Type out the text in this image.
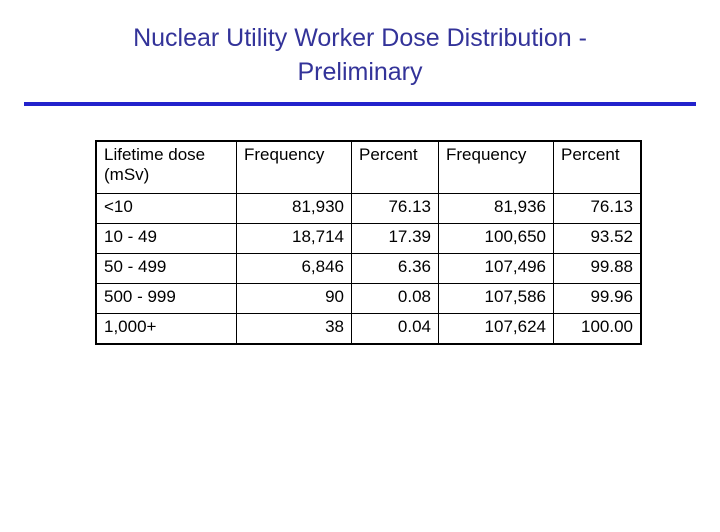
Nuclear Utility Worker Dose Distribution -
Preliminary
Lifetime dose
(mSv)	Frequency	Percent	Frequency	Percent
<10	81,930	76.13	81,936	76.13
10 - 49	18,714	17.39	100,650	93.52
50 - 499	6,846	6.36	107,496	99.88
500 - 999	90	0.08	107,586	99.96
1,000+	38	0.04	107,624	100.00
